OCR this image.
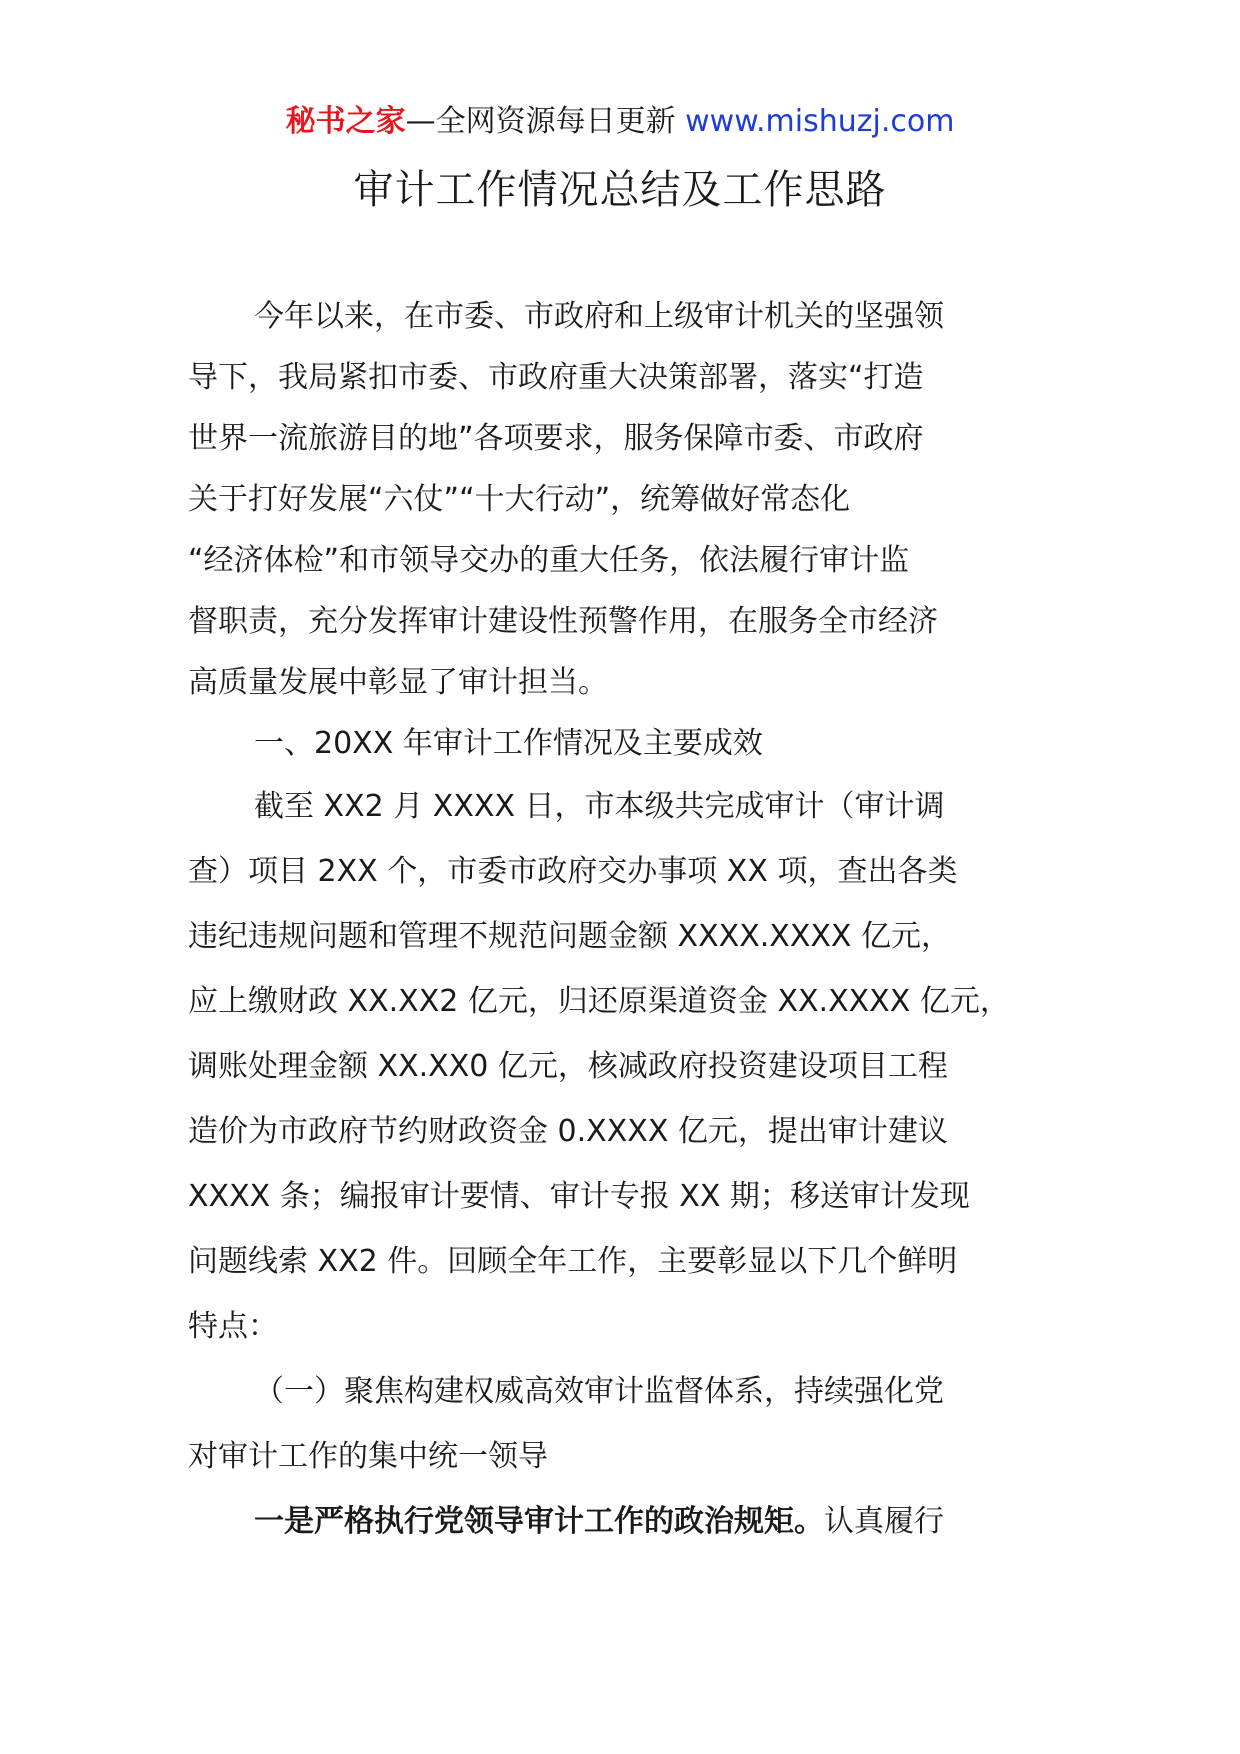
秘书之家—全网资源每日更新 www.mishuzj.com
审计工作情况总结及工作思路

今年以来，在市委、市政府和上级审计机关的坚强领

导下，我局紧扣市委、市政府重大决策部署，落实“打造

世界一流旅游目的地”各项要求，服务保障市委、市政府

关于打好发展“六仗”“十大行动”，统筹做好常态化

“经济体检”和市领导交办的重大任务，依法履行审计监

督职责，充分发挥审计建设性预警作用，在服务全市经济

高质量发展中彰显了审计担当。

一、20XX 年审计工作情况及主要成效

截至 XX2 月 XXXX 日，市本级共完成审计（审计调

查）项目 2XX 个，市委市政府交办事项 XX 项，查出各类

违纪违规问题和管理不规范问题金额 XXXX.XXXX 亿元，

应上缴财政 XX.XX2 亿元，归还原渠道资金 XX.XXXX 亿元，

调账处理金额 XX.XX0 亿元，核减政府投资建设项目工程

造价为市政府节约财政资金 0.XXXX 亿元，提出审计建议

XXXX 条；编报审计要情、审计专报 XX 期；移送审计发现

问题线索 XX2 件。回顾全年工作，主要彰显以下几个鲜明

特点：

（一）聚焦构建权威高效审计监督体系，持续强化党

对审计工作的集中统一领导

一是严格执行党领导审计工作的政治规矩。认真履行
